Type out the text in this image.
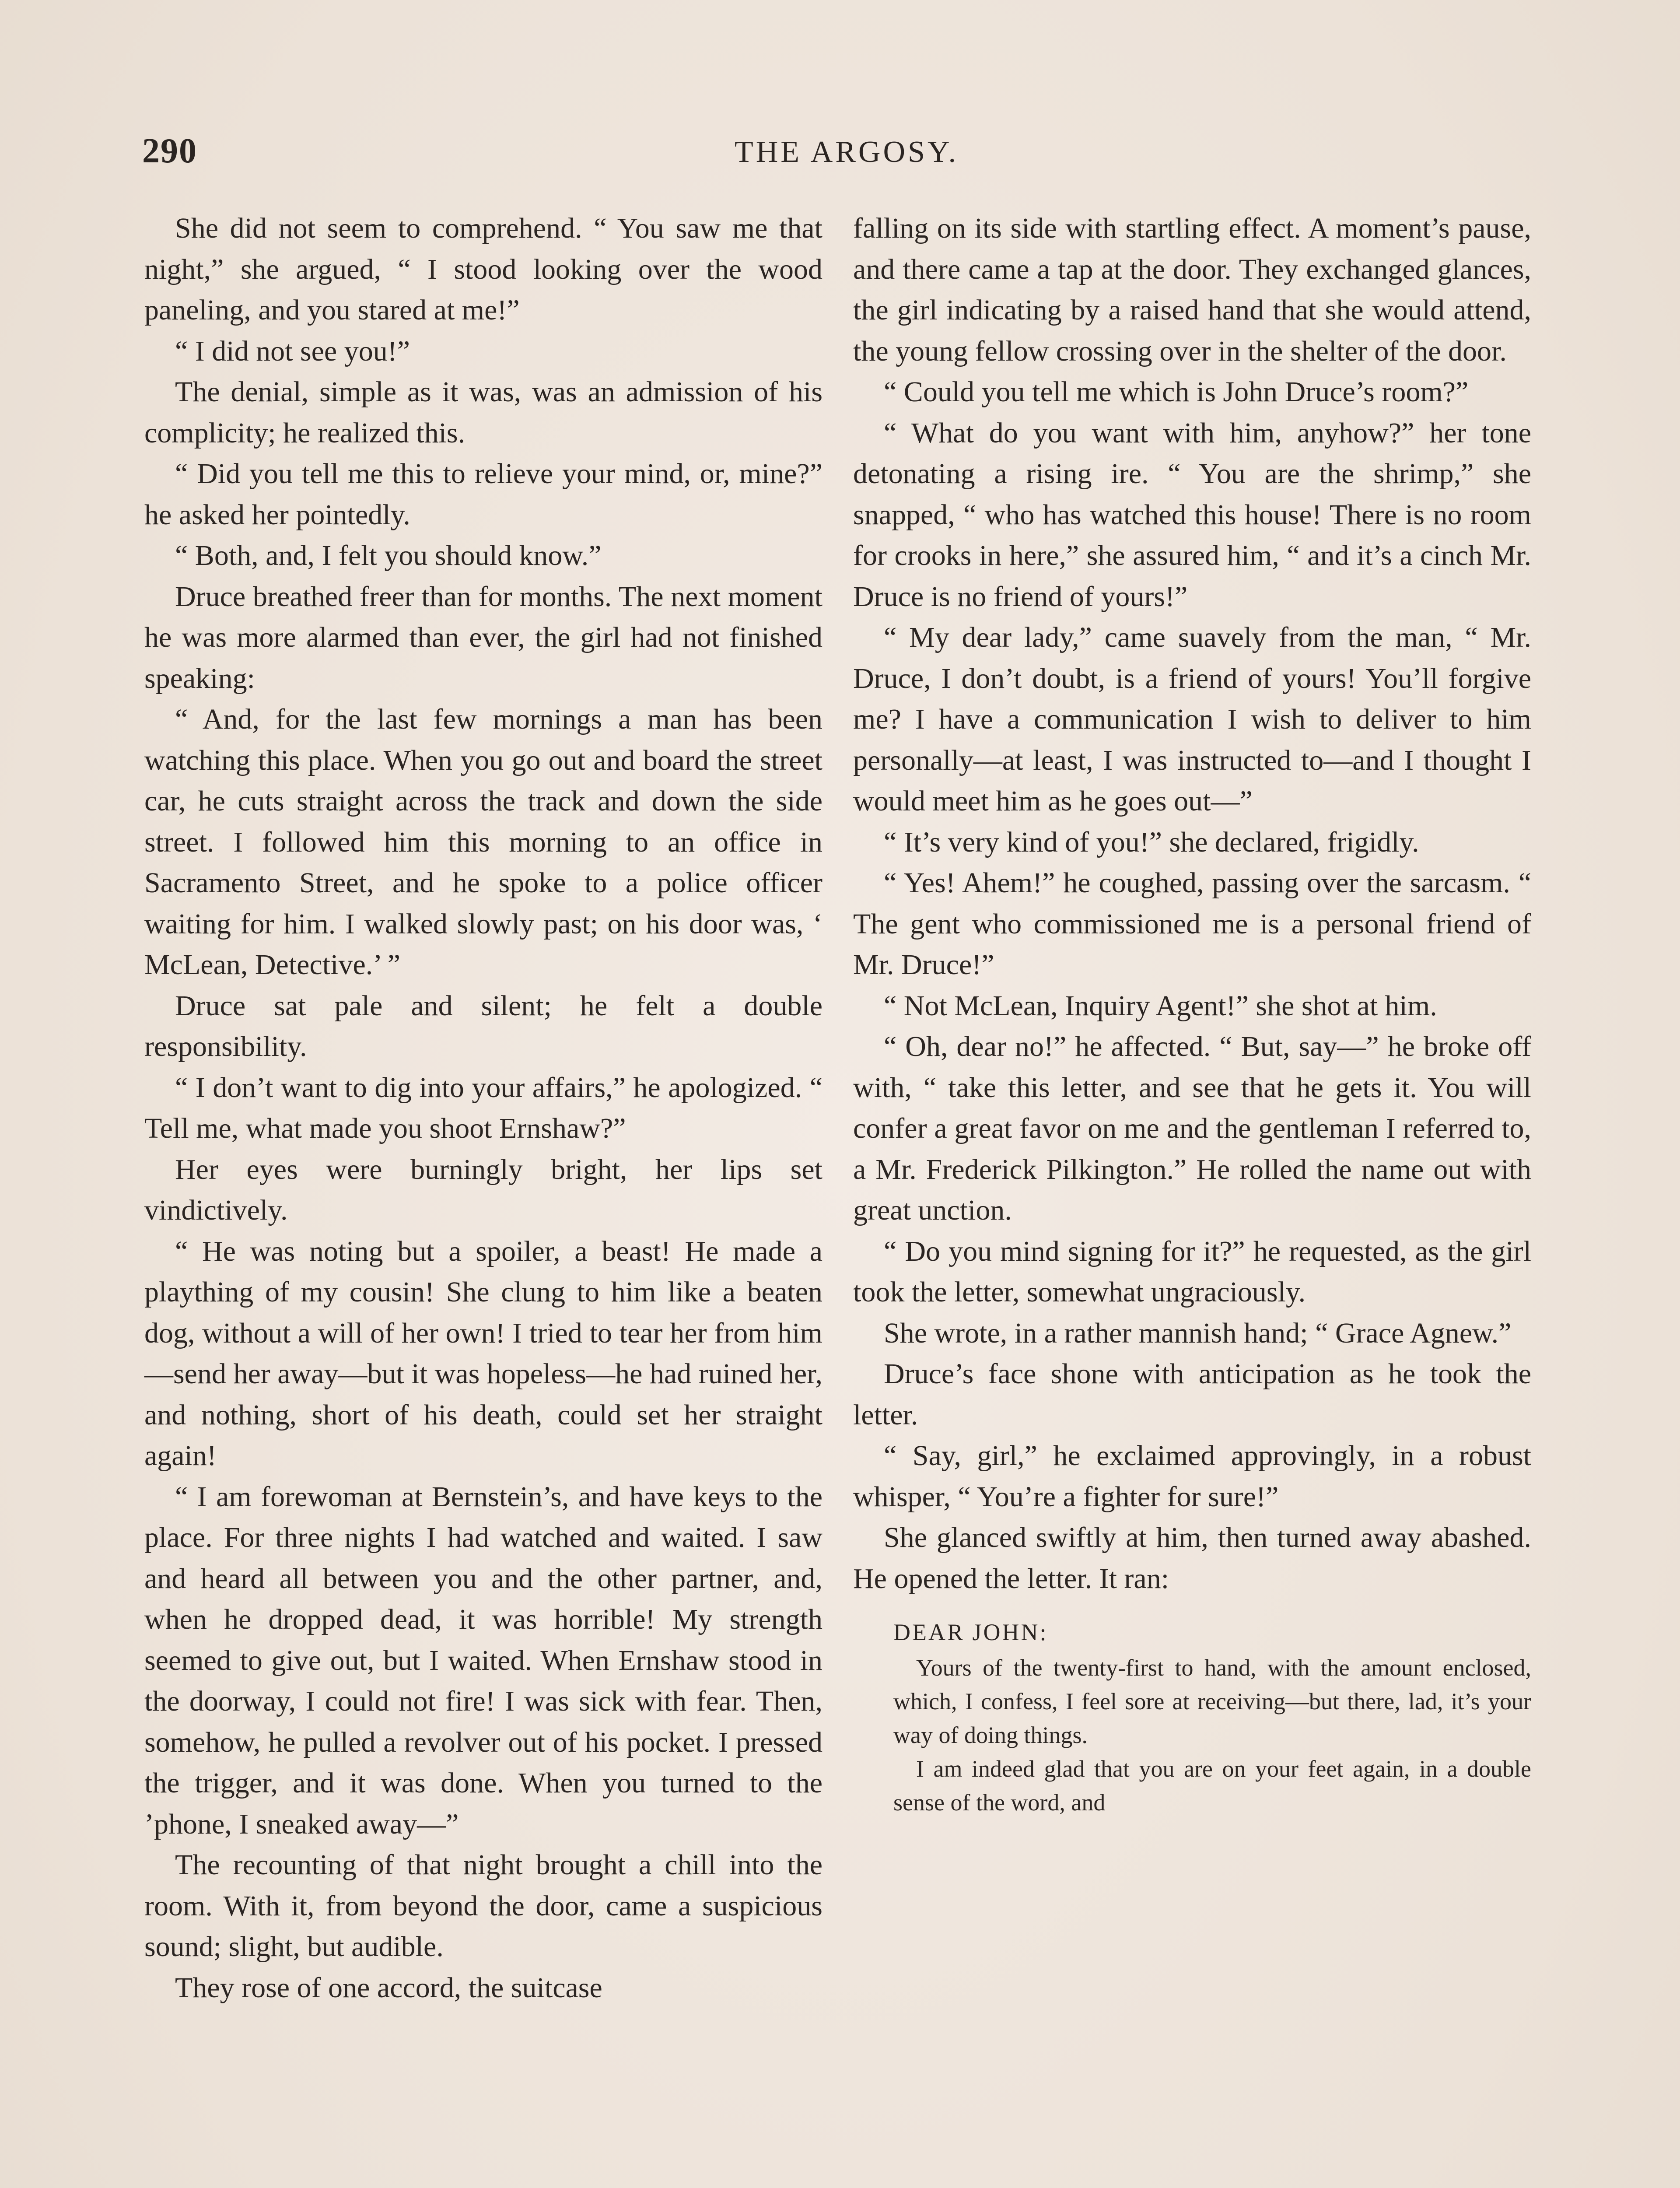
290	THE ARGOSY.

She did not seem to comprehend. “ You saw me that night,” she argued, “ I stood looking over the wood paneling, and you stared at me!”

“ I did not see you!”

The denial, simple as it was, was an admission of his complicity; he realized this.

“ Did you tell me this to relieve your mind, or, mine?” he asked her pointedly.

“ Both, and, I felt you should know.”

Druce breathed freer than for months. The next moment he was more alarmed than ever, the girl had not finished speaking:

“ And, for the last few mornings a man has been watching this place. When you go out and board the street car, he cuts straight across the track and down the side street. I followed him this morning to an office in Sacramento Street, and he spoke to a police officer waiting for him. I walked slowly past; on his door was, ‘ McLean, Detective.’ ”

Druce sat pale and silent; he felt a double responsibility.

“ I don’t want to dig into your affairs,” he apologized. “ Tell me, what made you shoot Ernshaw?”

Her eyes were burningly bright, her lips set vindictively.

“ He was noting but a spoiler, a beast! He made a plaything of my cousin! She clung to him like a beaten dog, without a will of her own! I tried to tear her from him—send her away—but it was hopeless—he had ruined her, and nothing, short of his death, could set her straight again!

“ I am forewoman at Bernstein’s, and have keys to the place. For three nights I had watched and waited. I saw and heard all between you and the other partner, and, when he dropped dead, it was horrible! My strength seemed to give out, but I waited. When Ernshaw stood in the doorway, I could not fire! I was sick with fear. Then, somehow, he pulled a revolver out of his pocket. I pressed the trigger, and it was done. When you turned to the ’phone, I sneaked away—”

The recounting of that night brought a chill into the room. With it, from beyond the door, came a suspicious sound; slight, but audible.

They rose of one accord, the suitcase

falling on its side with startling effect. A moment’s pause, and there came a tap at the door. They exchanged glances, the girl indicating by a raised hand that she would attend, the young fellow crossing over in the shelter of the door.

“ Could you tell me which is John Druce’s room?”

“ What do you want with him, anyhow?” her tone detonating a rising ire. “ You are the shrimp,” she snapped, “ who has watched this house! There is no room for crooks in here,” she assured him, “ and it’s a cinch Mr. Druce is no friend of yours!”

“ My dear lady,” came suavely from the man, “ Mr. Druce, I don’t doubt, is a friend of yours! You’ll forgive me? I have a communication I wish to deliver to him personally—at least, I was instructed to—and I thought I would meet him as he goes out—”

“ It’s very kind of you!” she declared, frigidly.

“ Yes! Ahem!” he coughed, passing over the sarcasm. “ The gent who commissioned me is a personal friend of Mr. Druce!”

“ Not McLean, Inquiry Agent!” she shot at him.

“ Oh, dear no!” he affected. “ But, say—” he broke off with, “ take this letter, and see that he gets it. You will confer a great favor on me and the gentleman I referred to, a Mr. Frederick Pilkington.” He rolled the name out with great unction.

“ Do you mind signing for it?” he requested, as the girl took the letter, somewhat ungraciously.

She wrote, in a rather mannish hand; “ Grace Agnew.”

Druce’s face shone with anticipation as he took the letter.

“ Say, girl,” he exclaimed approvingly, in a robust whisper, “ You’re a fighter for sure!”

She glanced swiftly at him, then turned away abashed. He opened the letter. It ran:

DEAR JOHN:

Yours of the twenty-first to hand, with the amount enclosed, which, I confess, I feel sore at receiving—but there, lad, it’s your way of doing things.

I am indeed glad that you are on your feet again, in a double sense of the word, and
